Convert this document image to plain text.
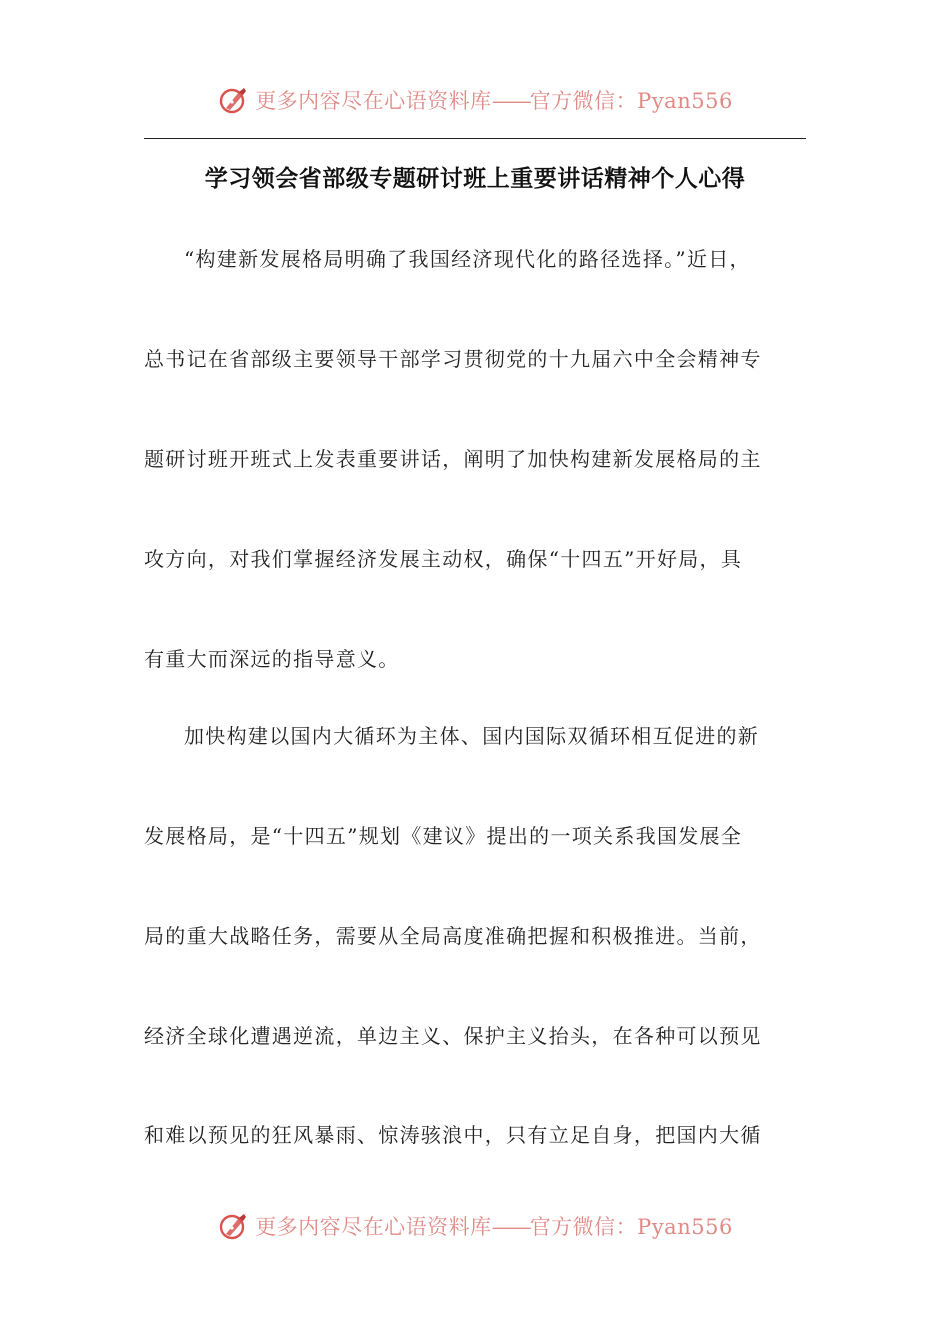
更多内容尽在心语资料库——官方微信：Pyan556
学习领会省部级专题研讨班上重要讲话精神个人心得
“构建新发展格局明确了我国经济现代化的路径选择。”近日，
总书记在省部级主要领导干部学习贯彻党的十九届六中全会精神专
题研讨班开班式上发表重要讲话，阐明了加快构建新发展格局的主
攻方向，对我们掌握经济发展主动权，确保“十四五”开好局，具
有重大而深远的指导意义。
加快构建以国内大循环为主体、国内国际双循环相互促进的新
发展格局，是“十四五”规划《建议》提出的一项关系我国发展全
局的重大战略任务，需要从全局高度准确把握和积极推进。当前，
经济全球化遭遇逆流，单边主义、保护主义抬头，在各种可以预见
和难以预见的狂风暴雨、惊涛骇浪中，只有立足自身，把国内大循
更多内容尽在心语资料库——官方微信：Pyan556
